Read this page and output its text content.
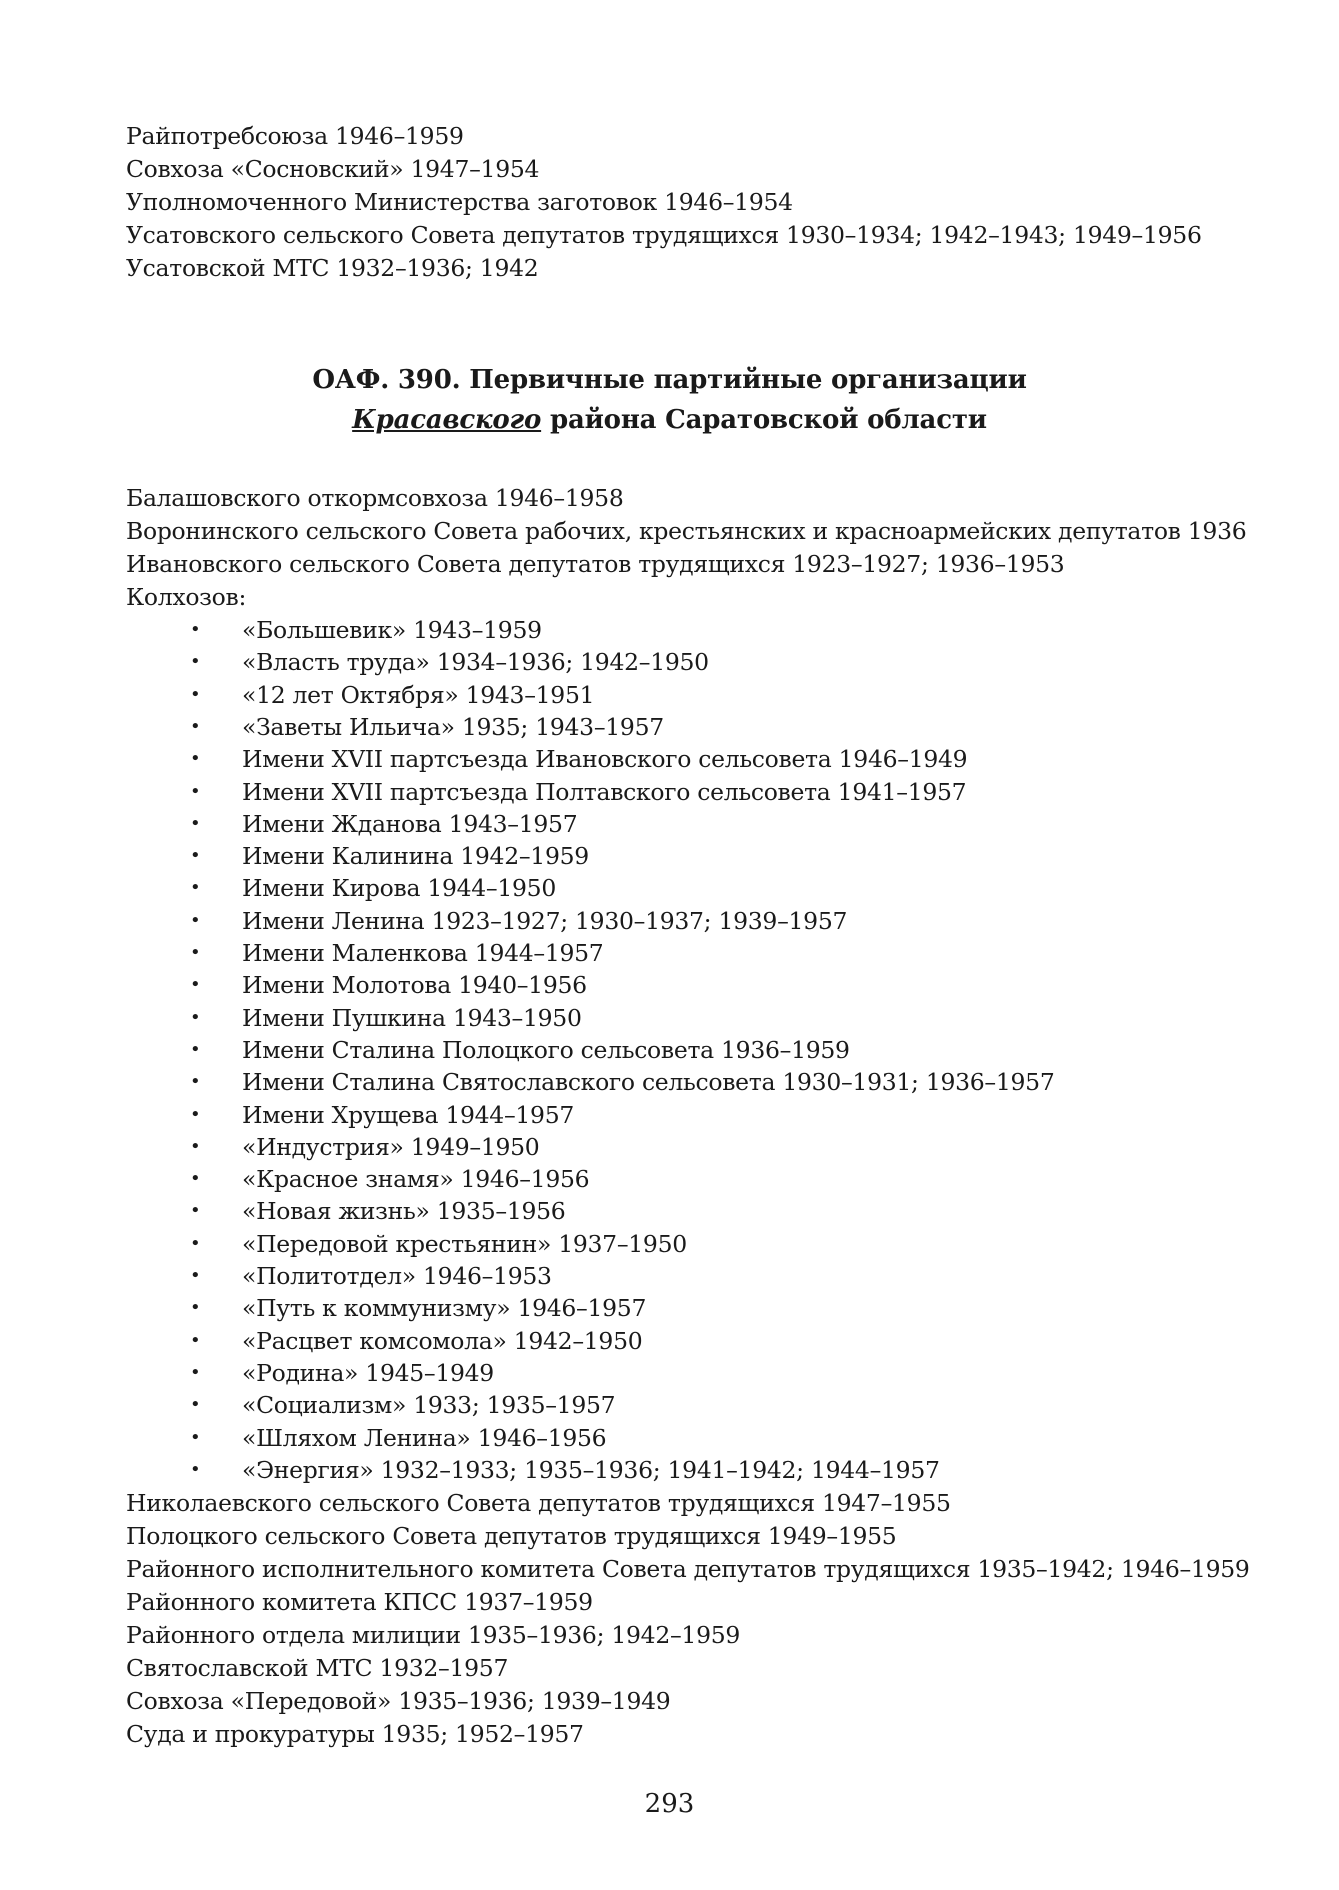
Райпотребсоюза 1946–1959
Совхоза «Сосновский» 1947–1954
Уполномоченного Министерства заготовок 1946–1954
Усатовского сельского Совета депутатов трудящихся 1930–1934; 1942–1943; 1949–1956
Усатовской МТС 1932–1936; 1942
ОАФ. 390. Первичные партийные организации
Красавского района Саратовской области
Балашовского откормсовхоза 1946–1958
Воронинского сельского Совета рабочих, крестьянских и красноармейских депутатов 1936
Ивановского сельского Совета депутатов трудящихся 1923–1927; 1936–1953
Колхозов:
•	«Большевик» 1943–1959
•	«Власть труда» 1934–1936; 1942–1950
•	«12 лет Октября» 1943–1951
•	«Заветы Ильича» 1935; 1943–1957
•	Имени XVII партсъезда Ивановского сельсовета 1946–1949
•	Имени XVII партсъезда Полтавского сельсовета 1941–1957
•	Имени Жданова 1943–1957
•	Имени Калинина 1942–1959
•	Имени Кирова 1944–1950
•	Имени Ленина 1923–1927; 1930–1937; 1939–1957
•	Имени Маленкова 1944–1957
•	Имени Молотова 1940–1956
•	Имени Пушкина 1943–1950
•	Имени Сталина Полоцкого сельсовета 1936–1959
•	Имени Сталина Святославского сельсовета 1930–1931; 1936–1957
•	Имени Хрущева 1944–1957
•	«Индустрия» 1949–1950
•	«Красное знамя» 1946–1956
•	«Новая жизнь» 1935–1956
•	«Передовой крестьянин» 1937–1950
•	«Политотдел» 1946–1953
•	«Путь к коммунизму» 1946–1957
•	«Расцвет комсомола» 1942–1950
•	«Родина» 1945–1949
•	«Социализм» 1933; 1935–1957
•	«Шляхом Ленина» 1946–1956
•	«Энергия» 1932–1933; 1935–1936; 1941–1942; 1944–1957
Николаевского сельского Совета депутатов трудящихся 1947–1955
Полоцкого сельского Совета депутатов трудящихся 1949–1955
Районного исполнительного комитета Совета депутатов трудящихся 1935–1942; 1946–1959
Районного комитета КПСС 1937–1959
Районного отдела милиции 1935–1936; 1942–1959
Святославской МТС 1932–1957
Совхоза «Передовой» 1935–1936; 1939–1949
Суда и прокуратуры 1935; 1952–1957
293
